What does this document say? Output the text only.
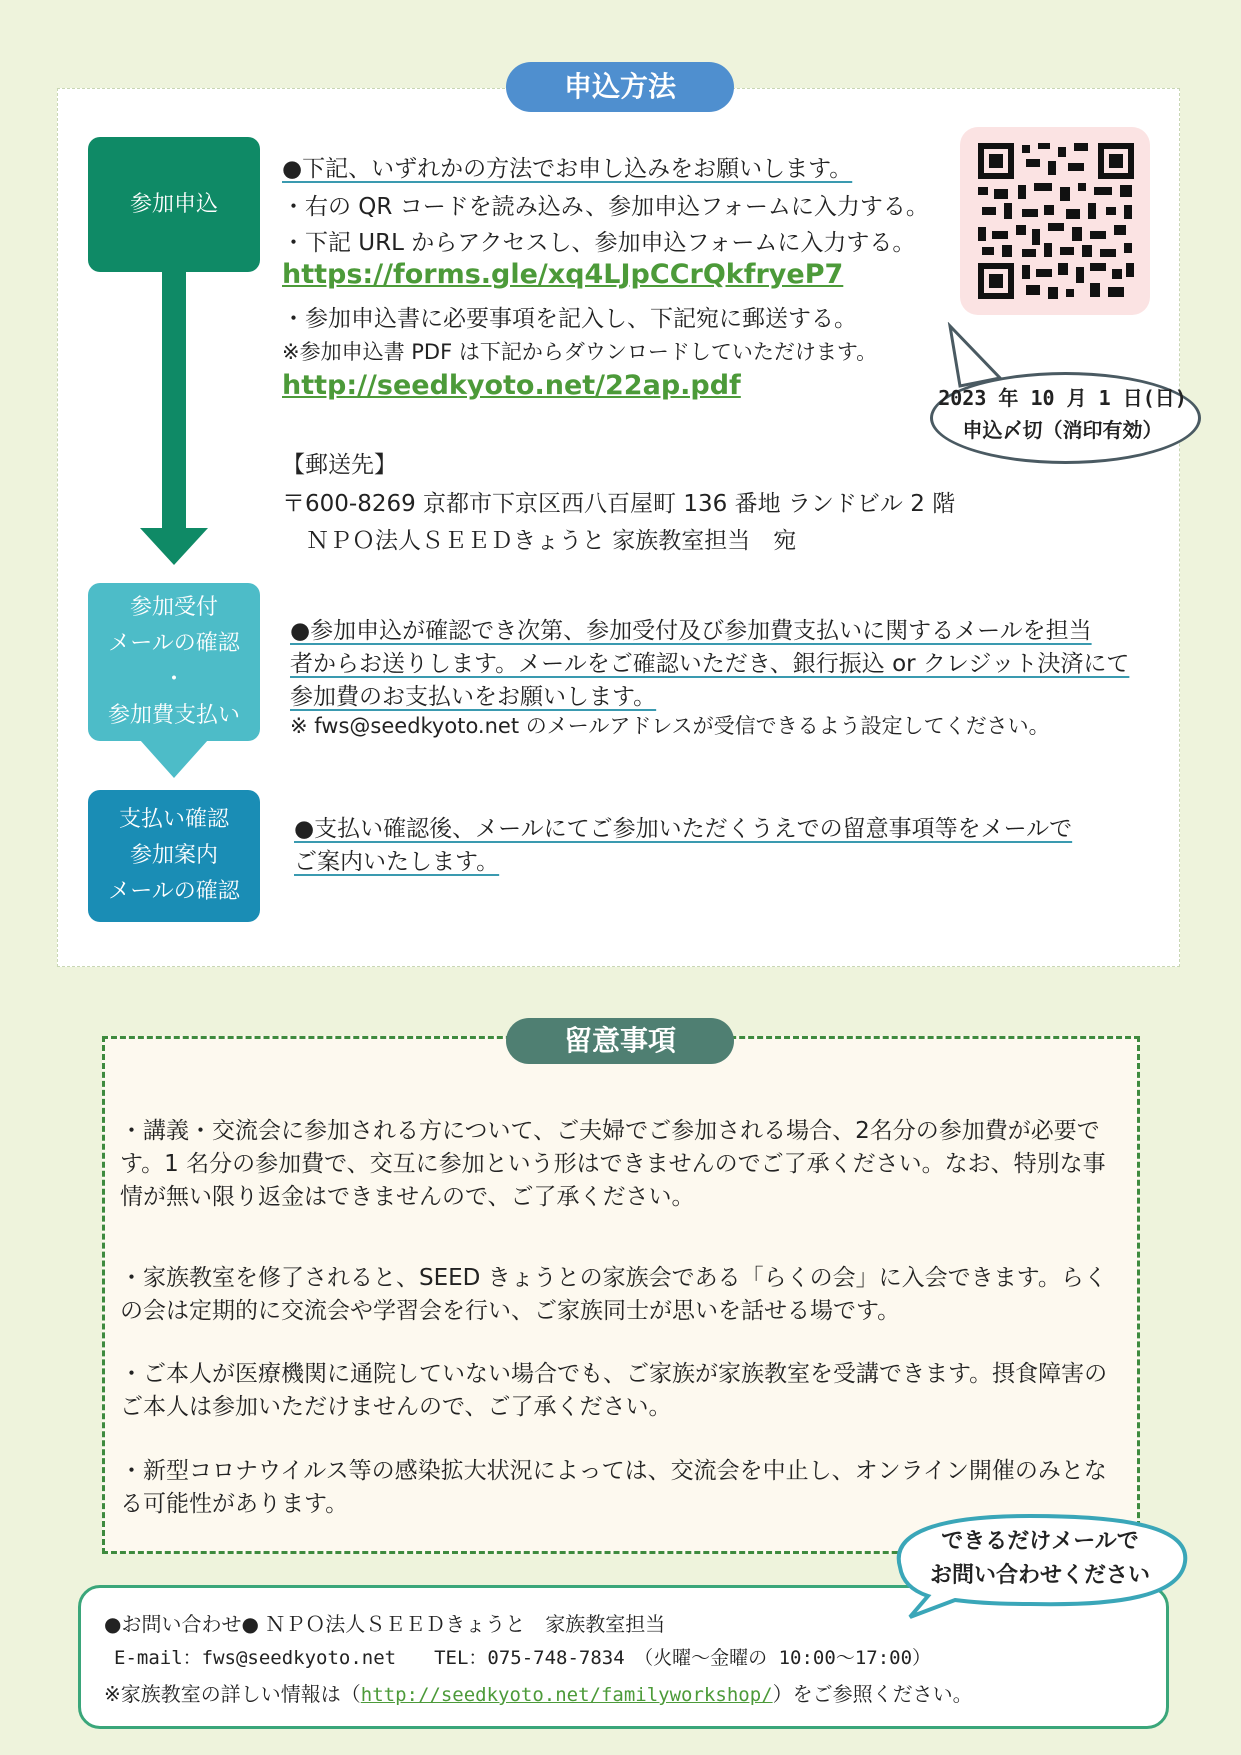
申込方法
参加申込
参加受付
メールの確認
・
参加費支払い
支払い確認
参加案内
メールの確認
●下記、いずれかの方法でお申し込みをお願いします。
・右の QR コードを読み込み、参加申込フォームに入力する。
・下記 URL からアクセスし、参加申込フォームに入力する。
https://forms.gle/xq4LJpCCrQkfryeP7
・参加申込書に必要事項を記入し、下記宛に郵送する。
※参加申込書 PDF は下記からダウンロードしていただけます。
http://seedkyoto.net/22ap.pdf
【郵送先】
〒600-8269 京都市下京区西八百屋町 136 番地 ランドビル 2 階
ＮＰＯ法人ＳＥＥＤきょうと 家族教室担当　宛
2023 年 10 月 1 日(日)
申込〆切（消印有効）
●参加申込が確認でき次第、参加受付及び参加費支払いに関するメールを担当
者からお送りします。メールをご確認いただき、銀行振込 or クレジット決済にて
参加費のお支払いをお願いします。
※ fws@seedkyoto.net のメールアドレスが受信できるよう設定してください。
●支払い確認後、メールにてご参加いただくうえでの留意事項等をメールで
ご案内いたします。
留意事項
・講義・交流会に参加される方について、ご夫婦でご参加される場合、2名分の参加費が必要です。1 名分の参加費で、交互に参加という形はできませんのでご了承ください。なお、特別な事情が無い限り返金はできませんので、ご了承ください。
・家族教室を修了されると、SEED きょうとの家族会である「らくの会」に入会できます。らくの会は定期的に交流会や学習会を行い、ご家族同士が思いを話せる場です。
・ご本人が医療機関に通院していない場合でも、ご家族が家族教室を受講できます。摂食障害のご本人は参加いただけませんので、ご了承ください。
・新型コロナウイルス等の感染拡大状況によっては、交流会を中止し、オンライン開催のみとなる可能性があります。
できるだけメールで
お問い合わせください
●お問い合わせ● ＮＰＯ法人ＳＥＥＤきょうと　家族教室担当
E-mail：fws@seedkyoto.net　　TEL：075-748-7834　（火曜～金曜の 10:00～17:00）
※家族教室の詳しい情報は（http://seedkyoto.net/familyworkshop/）をご参照ください。
